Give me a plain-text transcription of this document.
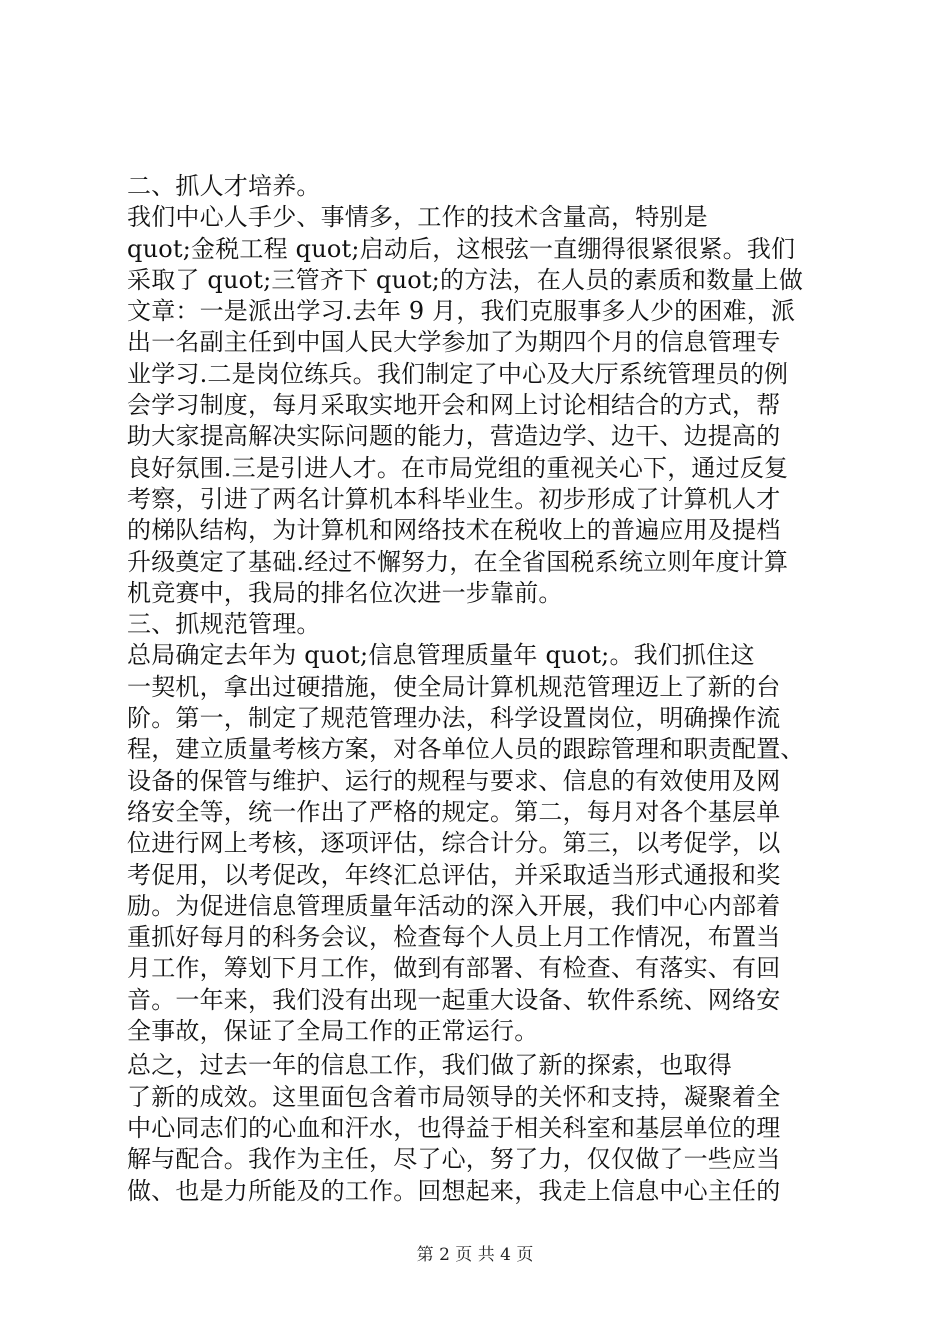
二、抓人才培养。
我们中心人手少、事情多，工作的技术含量高，特别是
quot;金税工程 quot;启动后，这根弦一直绷得很紧很紧。我们
采取了 quot;三管齐下 quot;的方法，在人员的素质和数量上做
文章：一是派出学习.去年 9 月，我们克服事多人少的困难，派
出一名副主任到中国人民大学参加了为期四个月的信息管理专
业学习.二是岗位练兵。我们制定了中心及大厅系统管理员的例
会学习制度，每月采取实地开会和网上讨论相结合的方式，帮
助大家提高解决实际问题的能力，营造边学、边干、边提高的
良好氛围.三是引进人才。在市局党组的重视关心下，通过反复
考察，引进了两名计算机本科毕业生。初步形成了计算机人才
的梯队结构，为计算机和网络技术在税收上的普遍应用及提档
升级奠定了基础.经过不懈努力，在全省国税系统立则年度计算
机竞赛中，我局的排名位次进一步靠前。
三、抓规范管理。
总局确定去年为 quot;信息管理质量年 quot;。我们抓住这
一契机，拿出过硬措施，使全局计算机规范管理迈上了新的台
阶。第一，制定了规范管理办法，科学设置岗位，明确操作流
程，建立质量考核方案，对各单位人员的跟踪管理和职责配置、
设备的保管与维护、运行的规程与要求、信息的有效使用及网
络安全等，统一作出了严格的规定。第二，每月对各个基层单
位进行网上考核，逐项评估，综合计分。第三，以考促学，以
考促用，以考促改，年终汇总评估，并采取适当形式通报和奖
励。为促进信息管理质量年活动的深入开展，我们中心内部着
重抓好每月的科务会议，检查每个人员上月工作情况，布置当
月工作，筹划下月工作，做到有部署、有检查、有落实、有回
音。一年来，我们没有出现一起重大设备、软件系统、网络安
全事故，保证了全局工作的正常运行。
总之，过去一年的信息工作，我们做了新的探索，也取得
了新的成效。这里面包含着市局领导的关怀和支持，凝聚着全
中心同志们的心血和汗水，也得益于相关科室和基层单位的理
解与配合。我作为主任，尽了心，努了力，仅仅做了一些应当
做、也是力所能及的工作。回想起来，我走上信息中心主任的
第 2 页 共 4 页
